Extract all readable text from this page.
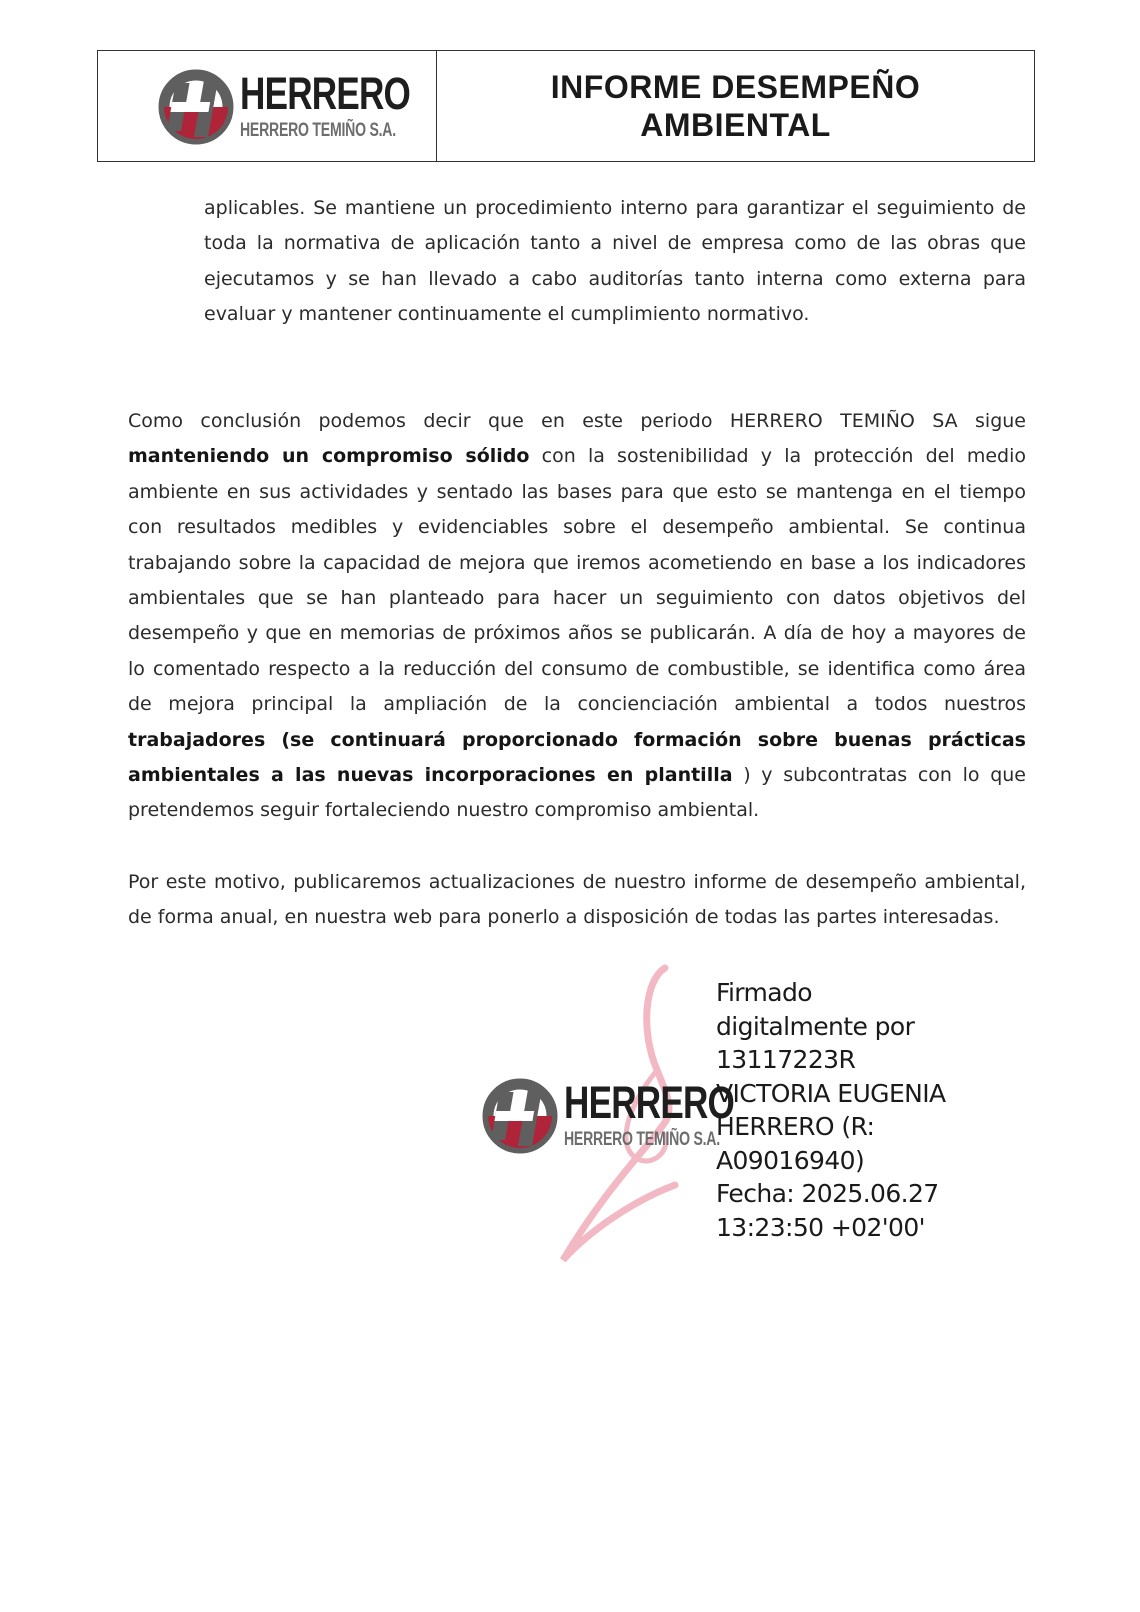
HERRERO
HERRERO TEMIÑO S.A.
INFORME DESEMPEÑO
AMBIENTAL

aplicables. Se mantiene un procedimiento interno para garantizar el seguimiento de toda la normativa de aplicación tanto a nivel de empresa como de las obras que ejecutamos y se han llevado a cabo auditorías tanto interna como externa para evaluar y mantener continuamente el cumplimiento normativo.

Como conclusión podemos decir que en este periodo HERRERO TEMIÑO SA sigue manteniendo un compromiso sólido con la sostenibilidad y la protección del medio ambiente en sus actividades y sentado las bases para que esto se mantenga en el tiempo con resultados medibles y evidenciables sobre el desempeño ambiental. Se continua trabajando sobre la capacidad de mejora que iremos acometiendo en base a los indicadores ambientales que se han planteado para hacer un seguimiento con datos objetivos del desempeño y que en memorias de próximos años se publicarán. A día de hoy a mayores de lo comentado respecto a la reducción del consumo de combustible, se identifica como área de mejora principal la ampliación de la concienciación ambiental a todos nuestros trabajadores (se continuará proporcionado formación sobre buenas prácticas ambientales a las nuevas incorporaciones en plantilla ) y subcontratas con lo que pretendemos seguir fortaleciendo nuestro compromiso ambiental.

Por este motivo, publicaremos actualizaciones de nuestro informe de desempeño ambiental, de forma anual, en nuestra web para ponerlo a disposición de todas las partes interesadas.

HERRERO
HERRERO TEMIÑO S.A.
Firmado
digitalmente por
13117223R
VICTORIA EUGENIA
HERRERO (R:
A09016940)
Fecha: 2025.06.27
13:23:50 +02'00'
